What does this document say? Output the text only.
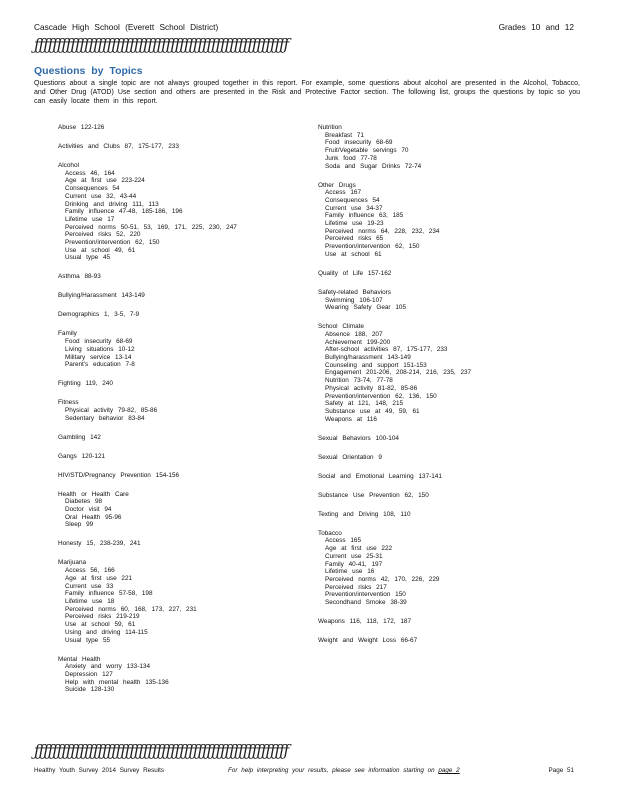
Cascade High School (Everett School District)	Grades 10 and 12
ƒƒƒƒƒƒƒƒƒƒƒƒƒƒƒƒƒƒƒƒƒƒƒƒƒƒƒƒƒƒƒƒƒƒƒƒƒƒƒƒƒƒƒƒƒƒƒƒƒƒƒƒƒƒƒƒ
Questions by Topics
Questions about a single topic are not always grouped together in this report. For example, some questions about alcohol are presented in the Alcohol, Tobacco, and Other Drug (ATOD) Use section and others are presented in the Risk and Protective Factor section. The following list, groups the questions by topic so you can easily locate them in this report.
Abuse 122-126
Activities and Clubs 87, 175-177, 233
Alcohol
Access 46, 164
Age at first use 223-224
Consequences 54
Current use 32, 43-44
Drinking and driving 111, 113
Family influence 47-48, 185-186, 196
Lifetime use 17
Perceived norms 50-51, 53, 169, 171, 225, 230, 247
Perceived risks 52, 220
Prevention/intervention 62, 150
Use at school 49, 61
Usual type 45
Asthma 88-93
Bullying/Harassment 143-149
Demographics 1, 3-5, 7-9
Family
Food insecurity 68-69
Living situations 10-12
Military service 13-14
Parent's education 7-8
Fighting 119, 240
Fitness
Physical activity 79-82, 85-86
Sedentary behavior 83-84
Gambling 142
Gangs 120-121
HIV/STD/Pregnancy Prevention 154-156
Health or Health Care
Diabetes 98
Doctor visit 94
Oral Health 95-96
Sleep 99
Honesty 15, 238-239, 241
Marijuana
Access 56, 166
Age at first use 221
Current use 33
Family influence 57-58, 198
Lifetime use 18
Perceived norms 60, 168, 173, 227, 231
Perceived risks 219-219
Use at school 59, 61
Using and driving 114-115
Usual type 55
Mental Health
Anxiety and worry 133-134
Depression 127
Help with mental health 135-136
Suicide 128-130
Nutrition
Breakfast 71
Food insecurity 68-69
Fruit/Vegetable servings 70
Junk food 77-78
Soda and Sugar Drinks 72-74
Other Drugs
Access 167
Consequences 54
Current use 34-37
Family influence 63, 185
Lifetime use 19-23
Perceived norms 64, 228, 232, 234
Perceived risks 65
Prevention/intervention 62, 150
Use at school 61
Quality of Life 157-162
Safety-related Behaviors
Swimming 106-107
Wearing Safety Gear 105
School Climate
Absence 188, 207
Achievement 199-200
After-school activities 87, 175-177, 233
Bullying/harassment 143-149
Counseling and support 151-153
Engagement 201-206, 208-214, 216, 235, 237
Nutrition 73-74, 77-78
Physical activity 81-82, 85-86
Prevention/intervention 62, 136, 150
Safety at 121, 148, 215
Substance use at 49, 59, 61
Weapons at 116
Sexual Behaviors 100-104
Sexual Orientation 9
Social and Emotional Learning 137-141
Substance Use Prevention 62, 150
Texting and Driving 108, 110
Tobacco
Access 165
Age at first use 222
Current use 25-31
Family 40-41, 197
Lifetime use 16
Perceived norms 42, 170, 226, 229
Perceived risks 217
Prevention/intervention 150
Secondhand Smoke 38-39
Weapons 116, 118, 172, 187
Weight and Weight Loss 66-67
ƒƒƒƒƒƒƒƒƒƒƒƒƒƒƒƒƒƒƒƒƒƒƒƒƒƒƒƒƒƒƒƒƒƒƒƒƒƒƒƒƒƒƒƒƒƒƒƒƒƒƒƒƒƒƒƒ
Healthy Youth Survey 2014 Survey Results	For help interpreting your results, please see information starting on page 2	Page 51
